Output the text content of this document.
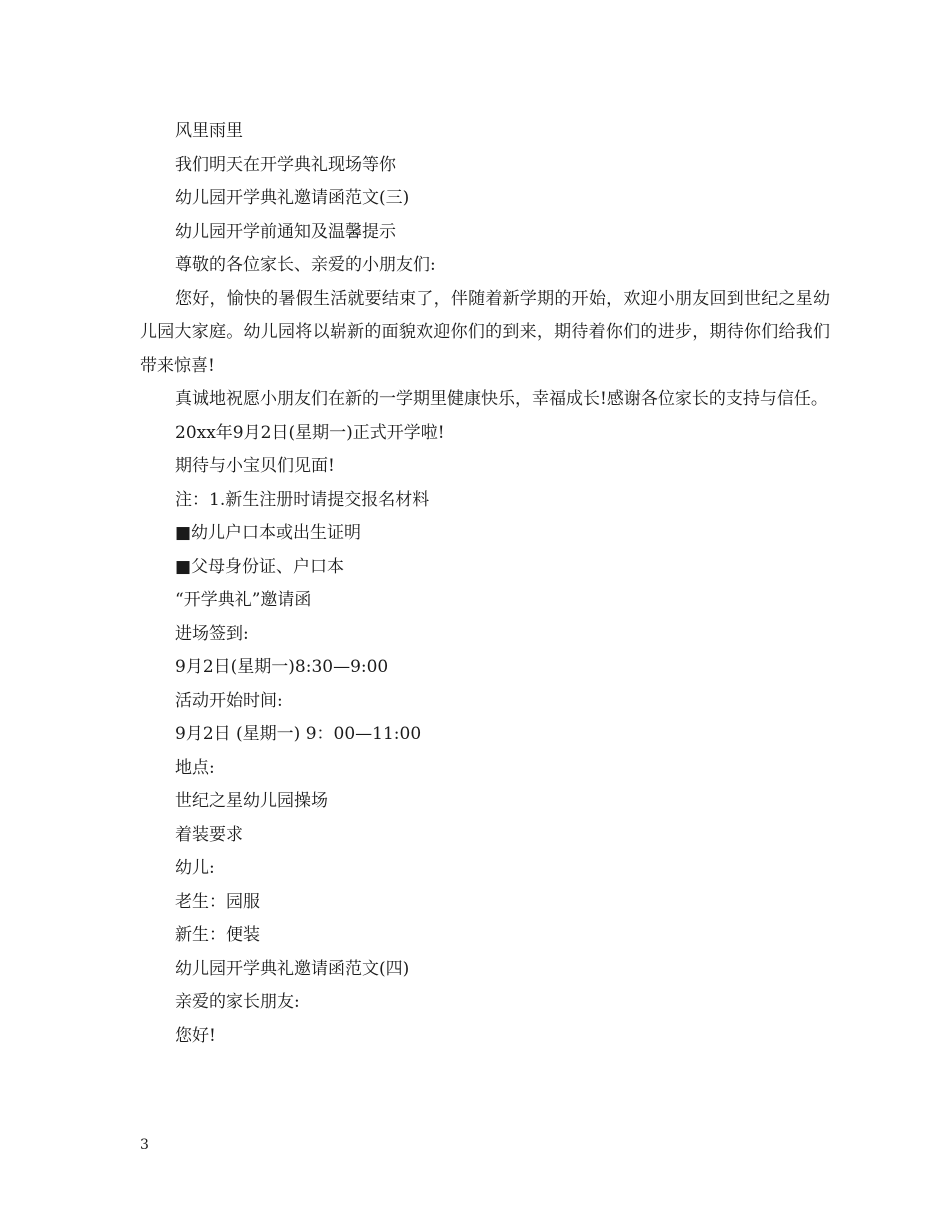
风里雨里

我们明天在开学典礼现场等你

幼儿园开学典礼邀请函范文(三)

幼儿园开学前通知及温馨提示

尊敬的各位家长、亲爱的小朋友们:

您好，愉快的暑假生活就要结束了，伴随着新学期的开始，欢迎小朋友回到世纪之星幼儿园大家庭。幼儿园将以崭新的面貌欢迎你们的到来，期待着你们的进步，期待你们给我们带来惊喜!

真诚地祝愿小朋友们在新的一学期里健康快乐，幸福成长!感谢各位家长的支持与信任。

20xx年9月2日(星期一)正式开学啦!

期待与小宝贝们见面!

注：1.新生注册时请提交报名材料

■幼儿户口本或出生证明

■父母身份证、户口本

“开学典礼”邀请函

进场签到:

9月2日(星期一)8:30—9:00

活动开始时间:

9月2日 (星期一) 9：00—11:00

地点:

世纪之星幼儿园操场

着装要求

幼儿:

老生：园服

新生：便装

幼儿园开学典礼邀请函范文(四)

亲爱的家长朋友:

您好!

3
